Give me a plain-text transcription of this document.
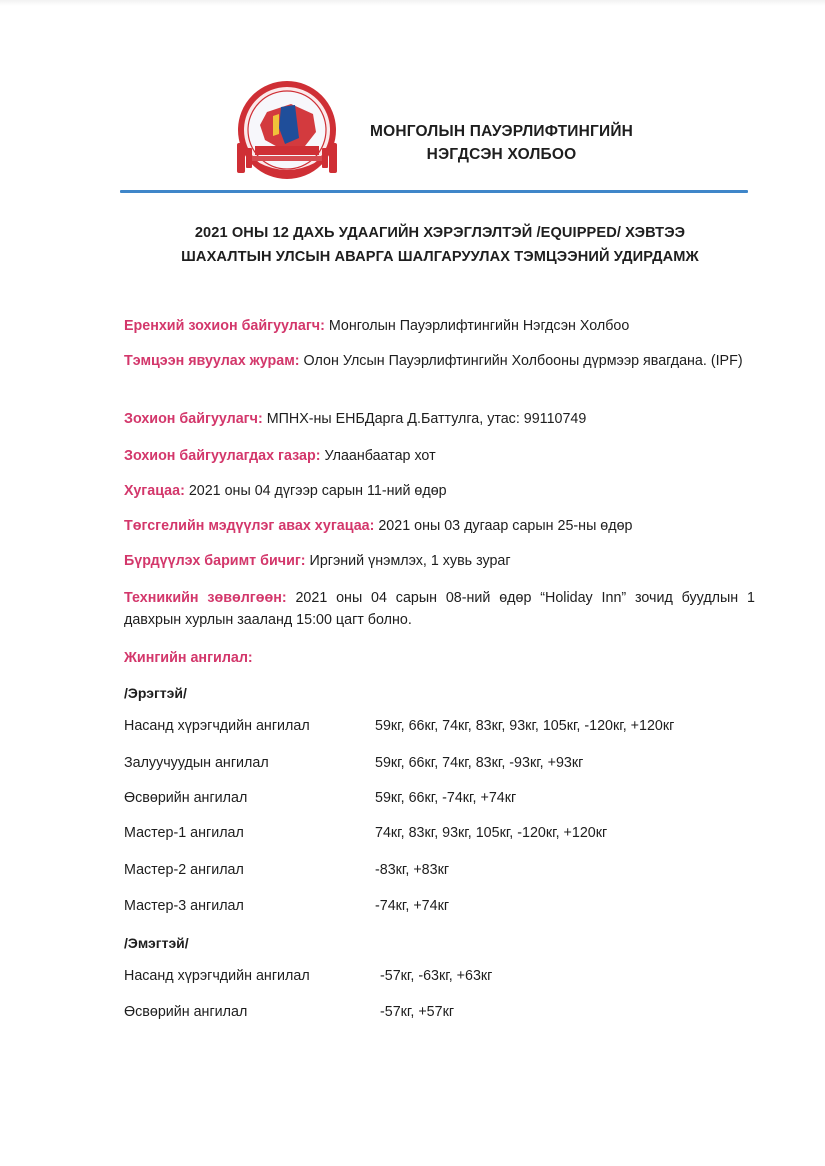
МОНГОЛЫН ПАУЭРЛИФТИНГИЙН
НЭГДСЭН ХОЛБОО
2021 ОНЫ 12 ДАХЬ УДААГИЙН ХЭРЭГЛЭЛТЭЙ /EQUIPPED/ ХЭВТЭЭ
ШАХАЛТЫН УЛСЫН АВАРГА ШАЛГАРУУЛАХ ТЭМЦЭЭНИЙ УДИРДАМЖ
Еренхий зохион байгуулагч: Монголын Пауэрлифтингийн Нэгдсэн Холбоо
Тэмцээн явуулах журам: Олон Улсын Пауэрлифтингийн Холбооны дүрмээр явагдана. (IPF)
Зохион байгуулагч: МПНХ-ны ЕНБДарга Д.Баттулга, утас: 99110749
Зохион байгуулагдах газар: Улаанбаатар хот
Хугацаа: 2021 оны 04 дүгээр сарын 11-ний өдөр
Төгсгелийн мэдүүлэг авах хугацаа: 2021 оны 03 дугаар сарын 25-ны өдөр
Бүрдүүлэх баримт бичиг: Иргэний үнэмлэх, 1 хувь зураг
Техникийн зөвөлгөөн: 2021 оны 04 сарын 08-ний өдөр “Holiday Inn” зочид буудлын 1 давхрын хурлын зааланд 15:00 цагт болно.
Жингийн ангилал:
/Эрэгтэй/
Насанд хүрэгчдийн ангилал	59кг, 66кг, 74кг, 83кг, 93кг, 105кг, -120кг, +120кг
Залуучуудын ангилал	59кг, 66кг, 74кг, 83кг, -93кг, +93кг
Өсвөрийн ангилал	59кг, 66кг, -74кг, +74кг
Мастер-1 ангилал	74кг, 83кг, 93кг, 105кг, -120кг, +120кг
Мастер-2 ангилал	-83кг, +83кг
Мастер-3 ангилал	-74кг, +74кг
/Эмэгтэй/
Насанд хүрэгчдийн ангилал	-57кг, -63кг, +63кг
Өсвөрийн ангилал	-57кг, +57кг
